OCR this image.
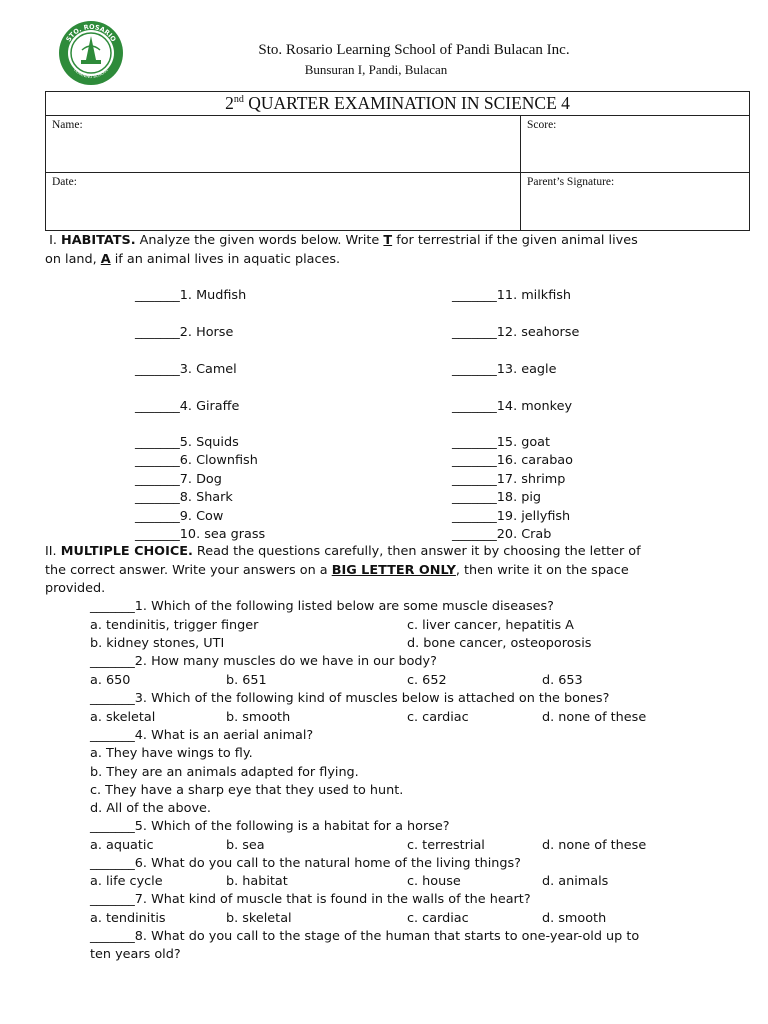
STO. ROSARIO
LEARNING SCHOOL
Sto. Rosario Learning School of Pandi Bulacan Inc.
Bunsuran I, Pandi, Bulacan
2nd QUARTER EXAMINATION IN SCIENCE 4	
Name:	Score:
Date:	Parent’s Signature:
I. HABITATS. Analyze the given words below. Write T for terrestrial if the given animal lives
on land, A if an animal lives in aquatic places.
_______1. Mudfish
_______2. Horse
_______3. Camel
_______4. Giraffe
_______5. Squids
_______6. Clownfish
_______7. Dog
_______8. Shark
_______9. Cow
_______10. sea grass
_______11. milkfish
_______12. seahorse
_______13. eagle
_______14. monkey
_______15. goat
_______16. carabao
_______17. shrimp
_______18. pig
_______19. jellyfish
_______20. Crab
II. MULTIPLE CHOICE. Read the questions carefully, then answer it by choosing the letter of
the correct answer. Write your answers on a BIG LETTER ONLY, then write it on the space
provided.
_______1. Which of the following listed below are some muscle diseases?
a. tendinitis, trigger finger	c. liver cancer, hepatitis A
b. kidney stones, UTI	d. bone cancer, osteoporosis
_______2. How many muscles do we have in our body?
a. 650	b. 651	c. 652	d. 653
_______3. Which of the following kind of muscles below is attached on the bones?
a. skeletal	b. smooth	c. cardiac	d. none of these
_______4. What is an aerial animal?
a. They have wings to fly.
b. They are an animals adapted for flying.
c. They have a sharp eye that they used to hunt.
d. All of the above.
_______5. Which of the following is a habitat for a horse?
a. aquatic	b. sea	c. terrestrial	d. none of these
_______6. What do you call to the natural home of the living things?
a. life cycle	b. habitat	c. house	d. animals
_______7. What kind of muscle that is found in the walls of the heart?
a. tendinitis	b. skeletal	c. cardiac	d. smooth
_______8. What do you call to the stage of the human that starts to one-year-old up to
ten years old?
